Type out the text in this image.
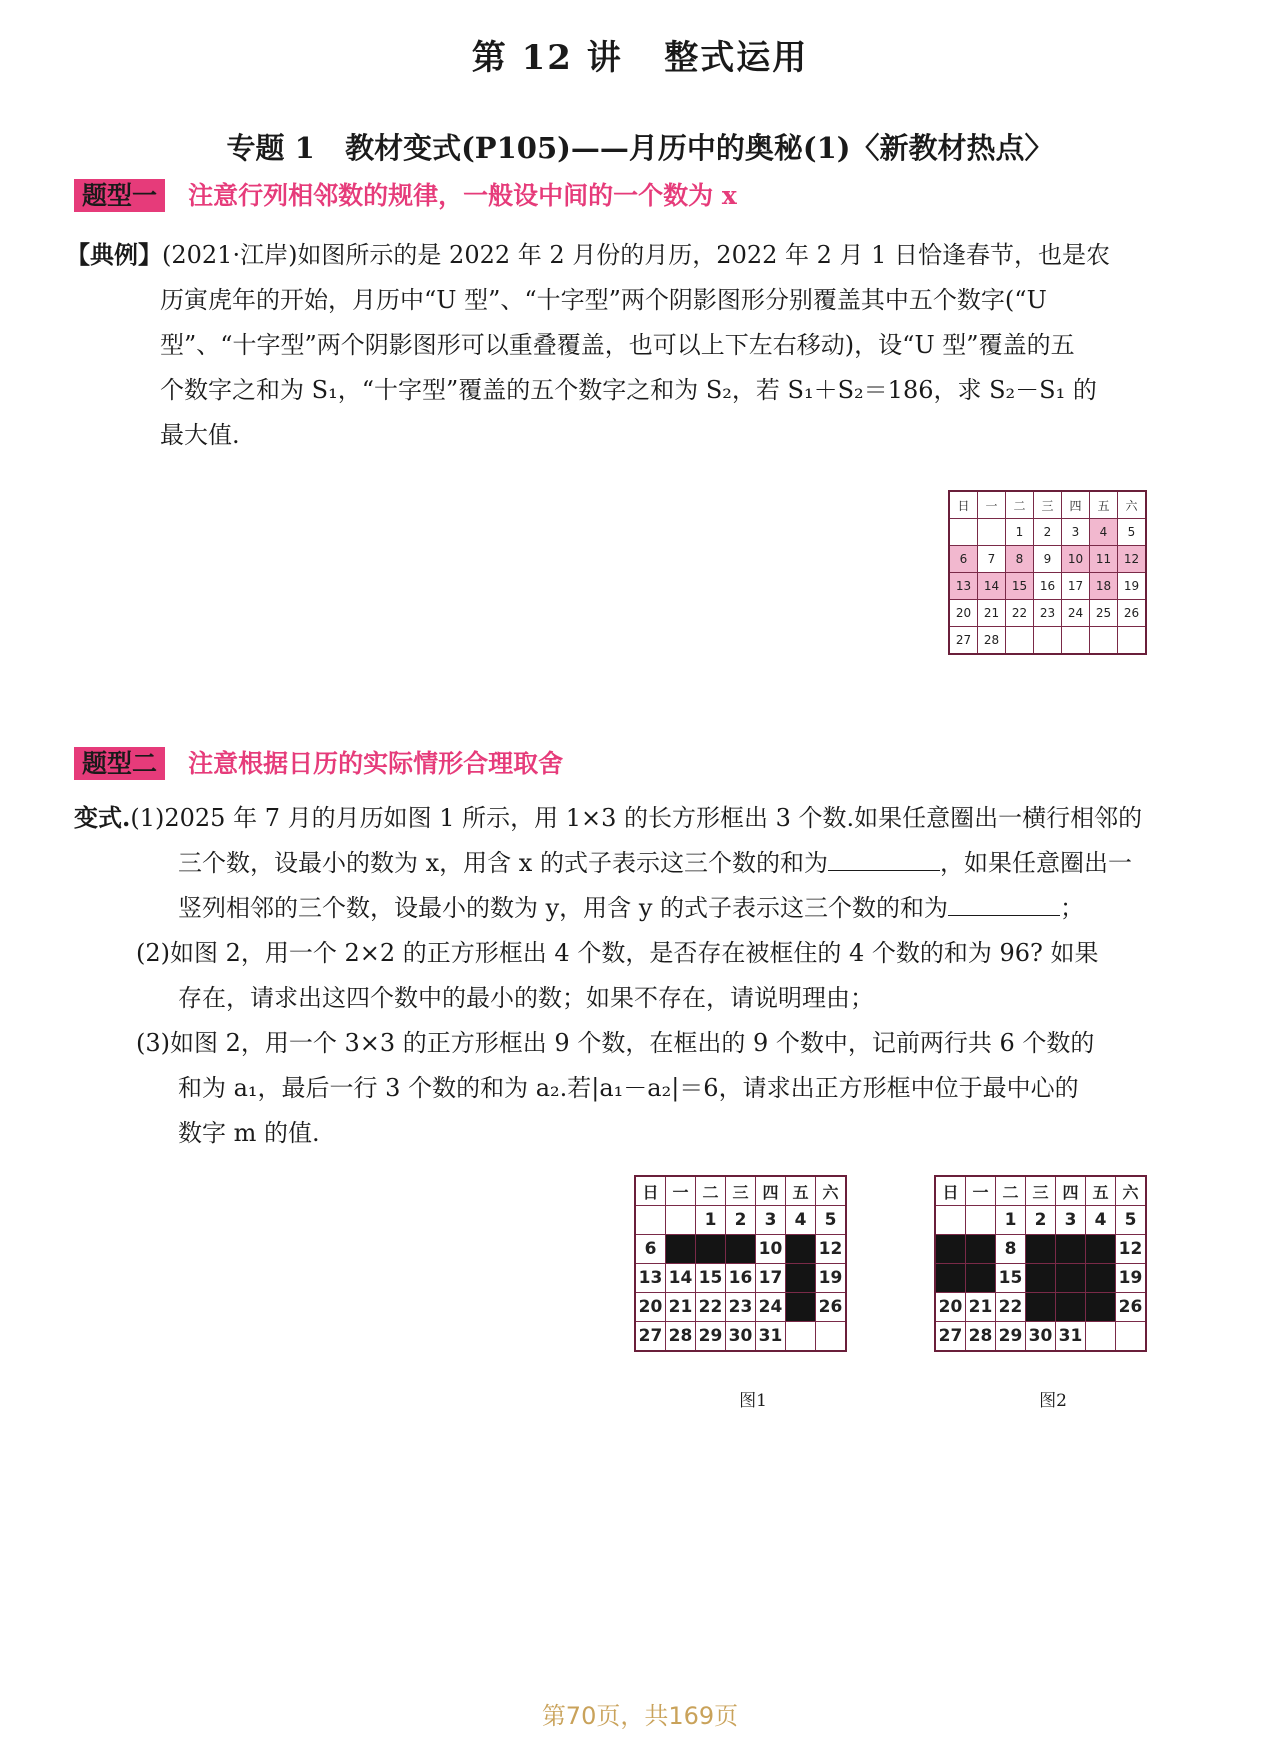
第 12 讲   整式运用
专题 1   教材变式(P105)——月历中的奥秘(1)〈新教材热点〉
题型一 注意行列相邻数的规律，一般设中间的一个数为 x

【典例】(2021·江岸)如图所示的是 2022 年 2 月份的月历，2022 年 2 月 1 日恰逢春节，也是农

历寅虎年的开始，月历中“U 型”、“十字型”两个阴影图形分别覆盖其中五个数字(“U

型”、“十字型”两个阴影图形可以重叠覆盖，也可以上下左右移动)，设“U 型”覆盖的五

个数字之和为 S₁，“十字型”覆盖的五个数字之和为 S₂，若 S₁＋S₂＝186，求 S₂－S₁ 的

最大值.

日	一	二	三	四	五	六
		1	2	3	4	5
6	7	8	9	10	11	12
13	14	15	16	17	18	19
20	21	22	23	24	25	26
27	28					
题型二 注意根据日历的实际情形合理取舍

变式.(1)2025 年 7 月的月历如图 1 所示，用 1×3 的长方形框出 3 个数.如果任意圈出一横行相邻的

三个数，设最小的数为 x，用含 x 的式子表示这三个数的和为	，如果任意圈出一

竖列相邻的三个数，设最小的数为 y，用含 y 的式子表示这三个数的和为	；

(2)如图 2，用一个 2×2 的正方形框出 4 个数，是否存在被框住的 4 个数的和为 96? 如果

存在，请求出这四个数中的最小的数；如果不存在，请说明理由；

(3)如图 2，用一个 3×3 的正方形框出 9 个数，在框出的 9 个数中，记前两行共 6 个数的

和为 a₁，最后一行 3 个数的和为 a₂.若|a₁－a₂|＝6，请求出正方形框中位于最中心的

数字 m 的值.

日	一	二	三	四	五	六
		1	2	3	4	5
6				10		12
13	14	15	16	17		19
20	21	22	23	24		26
27	28	29	30	31		
图1
日	一	二	三	四	五	六
		1	2	3	4	5
		8				12
		15				19
20	21	22				26
27	28	29	30	31		
图2
第70页，共169页
